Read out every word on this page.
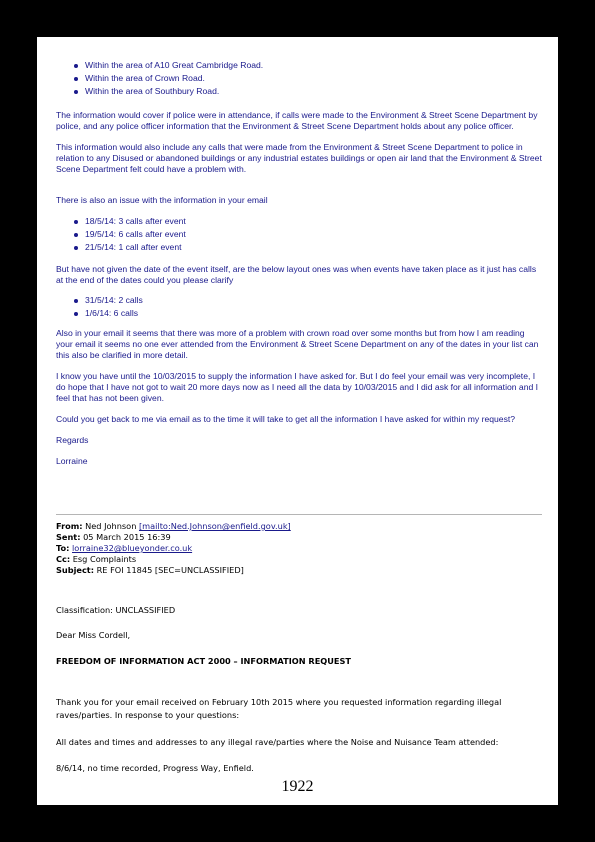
Within the area of A10 Great Cambridge Road.
Within the area of Crown Road.
Within the area of Southbury Road.

The information would cover if police were in attendance, if calls were made to the Environment & Street Scene Department by police, and any police officer information that the Environment & Street Scene Department holds about any police officer.

This information would also include any calls that were made from the Environment & Street Scene Department to police in relation to any Disused or abandoned buildings or any industrial estates buildings or open air land that the Environment & Street Scene Department felt could have a problem with.

There is also an issue with the information in your email

18/5/14: 3 calls after event
19/5/14: 6 calls after event
21/5/14: 1 call after event

But have not given the date of the event itself, are the below layout ones was when events have taken place as it just has calls at the end of the dates could you please clarify

31/5/14: 2 calls
1/6/14: 6 calls

Also in your email it seems that there was more of a problem with crown road over some months but from how I am reading your email it seems no one ever attended from the Environment & Street Scene Department on any of the dates in your list can this also be clarified in more detail.

I know you have until the 10/03/2015 to supply the information I have asked for. But I do feel your email was very incomplete, I do hope that I have not got to wait 20 more days now as I need all the data by 10/03/2015 and I did ask for all information and I feel that has not been given.

Could you get back to me via email as to the time it will take to get all the information I have asked for within my request?

Regards

Lorraine

From: Ned Johnson [mailto:Ned.Johnson@enfield.gov.uk]

Sent: 05 March 2015 16:39

To: lorraine32@blueyonder.co.uk

Cc: Esg Complaints

Subject: RE FOI 11845 [SEC=UNCLASSIFIED]

Classification: UNCLASSIFIED

Dear Miss Cordell,

FREEDOM OF INFORMATION ACT 2000 – INFORMATION REQUEST

Thank you for your email received on February 10th 2015 where you requested information regarding illegal raves/parties. In response to your questions:

All dates and times and addresses to any illegal rave/parties where the Noise and Nuisance Team attended:

8/6/14, no time recorded, Progress Way, Enfield.

1922
